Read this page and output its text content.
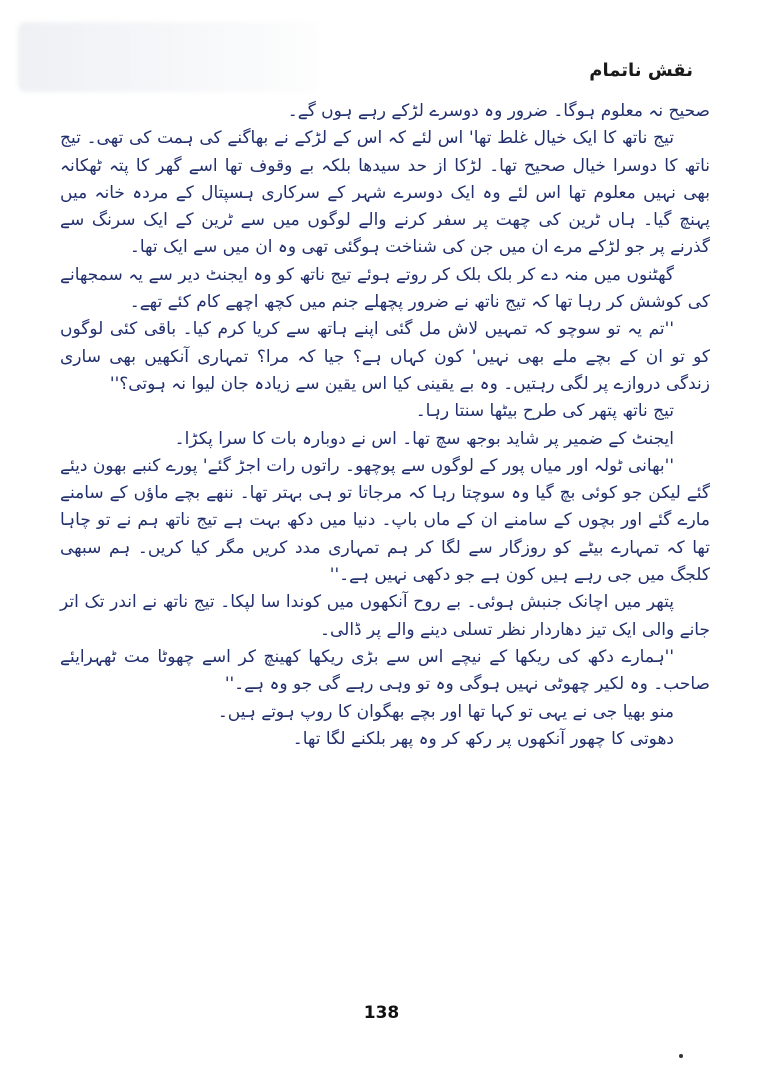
نقش ناتمام

صحیح نہ معلوم ہوگا۔ ضرور وہ دوسرے لڑکے رہے ہوں گے۔

تیج ناتھ کا ایک خیال غلط تھا' اس لئے کہ اس کے لڑکے نے بھاگنے کی ہمت کی تھی۔ تیج ناتھ کا دوسرا خیال صحیح تھا۔ لڑکا از حد سیدھا بلکہ بے وقوف تھا اسے گھر کا پتہ ٹھکانہ بھی نہیں معلوم تھا اس لئے وہ ایک دوسرے شہر کے سرکاری ہسپتال کے مردہ خانہ میں پہنچ گیا۔ ہاں ٹرین کی چھت پر سفر کرنے والے لوگوں میں سے ٹرین کے ایک سرنگ سے گذرنے پر جو لڑکے مرے ان میں جن کی شناخت ہوگئی تھی وہ ان میں سے ایک تھا۔

گھٹنوں میں منہ دے کر بلک بلک کر روتے ہوئے تیج ناتھ کو وہ ایجنٹ دیر سے یہ سمجھانے کی کوشش کر رہا تھا کہ تیج ناتھ نے ضرور پچھلے جنم میں کچھ اچھے کام کئے تھے۔

''تم یہ تو سوچو کہ تمہیں لاش مل گئی اپنے ہاتھ سے کریا کرم کیا۔ باقی کئی لوگوں کو تو ان کے بچے ملے بھی نہیں' کون کہاں ہے؟ جیا کہ مرا؟ تمہاری آنکھیں بھی ساری زندگی دروازے پر لگی رہتیں۔ وہ بے یقینی کیا اس یقین سے زیادہ جان لیوا نہ ہوتی؟''

تیج ناتھ پتھر کی طرح بیٹھا سنتا رہا۔

ایجنٹ کے ضمیر پر شاید بوجھ سچ تھا۔ اس نے دوبارہ بات کا سرا پکڑا۔

''بھانی ٹولہ اور میاں پور کے لوگوں سے پوچھو۔ راتوں رات اجڑ گئے' پورے کنبے بھون دیئے گئے لیکن جو کوئی بچ گیا وہ سوچتا رہا کہ مرجاتا تو ہی بہتر تھا۔ ننھے بچے ماؤں کے سامنے مارے گئے اور بچوں کے سامنے ان کے ماں باپ۔ دنیا میں دکھ بہت ہے تیج ناتھ ہم نے تو چاہا تھا کہ تمہارے بیٹے کو روزگار سے لگا کر ہم تمہاری مدد کریں مگر کیا کریں۔ ہم سبھی کلجگ میں جی رہے ہیں کون ہے جو دکھی نہیں ہے۔''

پتھر میں اچانک جنبش ہوئی۔ بے روح آنکھوں میں کوندا سا لپکا۔ تیج ناتھ نے اندر تک اتر جانے والی ایک تیز دھاردار نظر تسلی دینے والے پر ڈالی۔

''ہمارے دکھ کی ریکھا کے نیچے اس سے بڑی ریکھا کھینچ کر اسے چھوٹا مت ٹھہرایئے صاحب۔ وہ لکیر چھوٹی نہیں ہوگی وہ تو وہی رہے گی جو وہ ہے۔''

منو بھیا جی نے یہی تو کہا تھا اور بچے بھگوان کا روپ ہوتے ہیں۔

دھوتی کا چھور آنکھوں پر رکھ کر وہ پھر بلکنے لگا تھا۔

138
